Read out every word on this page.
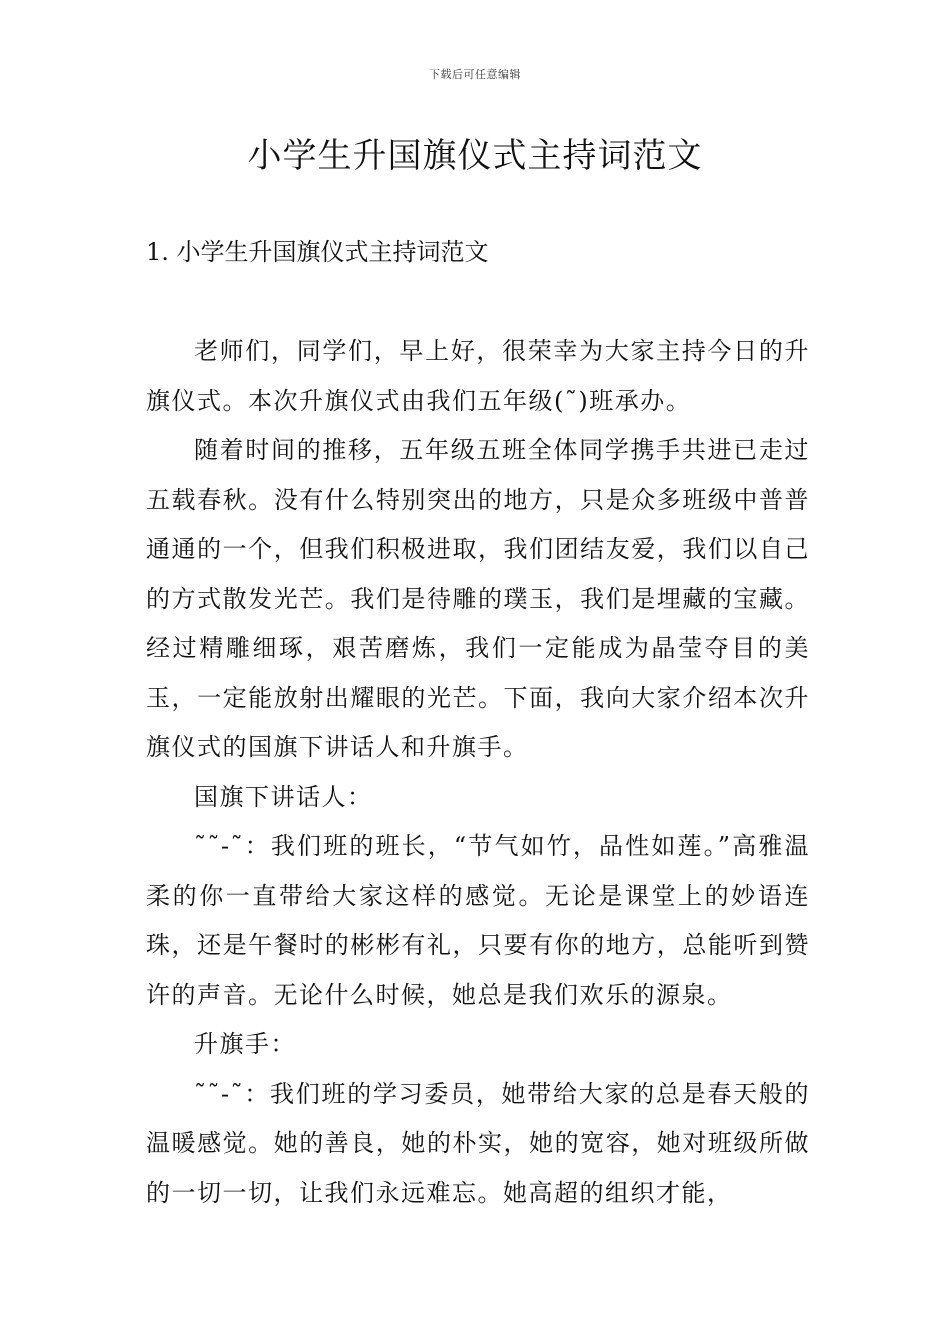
下载后可任意编辑
小学生升国旗仪式主持词范文
1. 小学生升国旗仪式主持词范文

老师们，同学们，早上好，很荣幸为大家主持今日的升旗仪式。本次升旗仪式由我们五年级(˜)班承办。

随着时间的推移，五年级五班全体同学携手共进已走过五载春秋。没有什么特别突出的地方，只是众多班级中普普通通的一个，但我们积极进取，我们团结友爱，我们以自己的方式散发光芒。我们是待雕的璞玉，我们是埋藏的宝藏。经过精雕细琢，艰苦磨炼，我们一定能成为晶莹夺目的美玉，一定能放射出耀眼的光芒。下面，我向大家介绍本次升旗仪式的国旗下讲话人和升旗手。

国旗下讲话人：

˜˜-˜：我们班的班长，“节气如竹，品性如莲。”高雅温柔的你一直带给大家这样的感觉。无论是课堂上的妙语连珠，还是午餐时的彬彬有礼，只要有你的地方，总能听到赞许的声音。无论什么时候，她总是我们欢乐的源泉。

升旗手：

˜˜-˜：我们班的学习委员，她带给大家的总是春天般的温暖感觉。她的善良，她的朴实，她的宽容，她对班级所做的一切一切，让我们永远难忘。她高超的组织才能，
